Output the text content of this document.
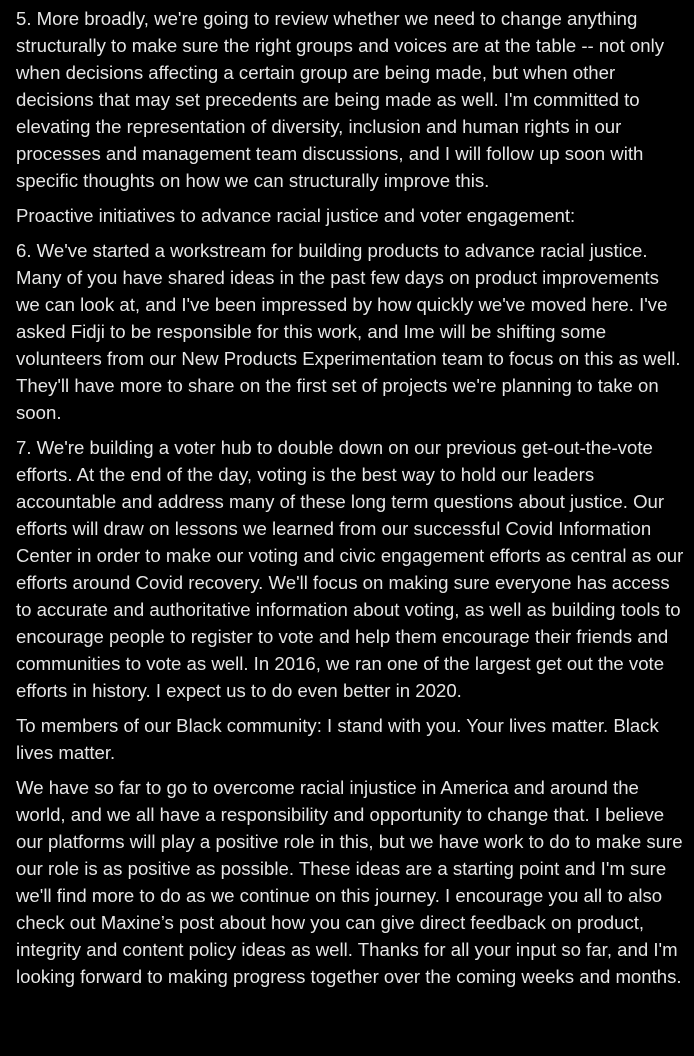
5. More broadly, we're going to review whether we need to change anything structurally to make sure the right groups and voices are at the table -- not only when decisions affecting a certain group are being made, but when other decisions that may set precedents are being made as well. I'm committed to elevating the representation of diversity, inclusion and human rights in our processes and management team discussions, and I will follow up soon with specific thoughts on how we can structurally improve this.

Proactive initiatives to advance racial justice and voter engagement:

6. We've started a workstream for building products to advance racial justice. Many of you have shared ideas in the past few days on product improvements we can look at, and I've been impressed by how quickly we've moved here. I've asked Fidji to be responsible for this work, and Ime will be shifting some volunteers from our New Products Experimentation team to focus on this as well. They'll have more to share on the first set of projects we're planning to take on soon.

7. We're building a voter hub to double down on our previous get-out-the-vote efforts. At the end of the day, voting is the best way to hold our leaders accountable and address many of these long term questions about justice. Our efforts will draw on lessons we learned from our successful Covid Information Center in order to make our voting and civic engagement efforts as central as our efforts around Covid recovery. We'll focus on making sure everyone has access to accurate and authoritative information about voting, as well as building tools to encourage people to register to vote and help them encourage their friends and communities to vote as well. In 2016, we ran one of the largest get out the vote efforts in history. I expect us to do even better in 2020.

To members of our Black community: I stand with you. Your lives matter. Black lives matter.

We have so far to go to overcome racial injustice in America and around the world, and we all have a responsibility and opportunity to change that. I believe our platforms will play a positive role in this, but we have work to do to make sure our role is as positive as possible. These ideas are a starting point and I'm sure we'll find more to do as we continue on this journey. I encourage you all to also check out Maxine’s post about how you can give direct feedback on product, integrity and content policy ideas as well. Thanks for all your input so far, and I'm looking forward to making progress together over the coming weeks and months.
